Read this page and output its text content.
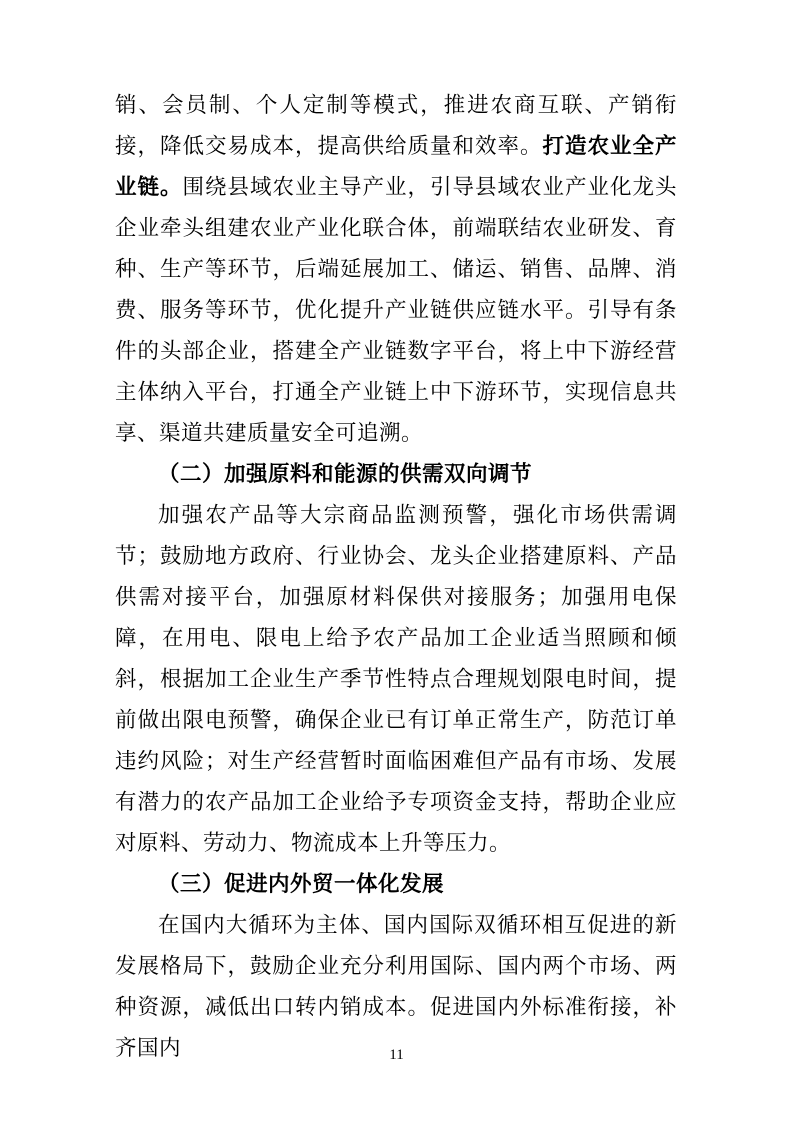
销、会员制、个人定制等模式，推进农商互联、产销衔接，降低交易成本，提高供给质量和效率。打造农业全产业链。围绕县域农业主导产业，引导县域农业产业化龙头企业牵头组建农业产业化联合体，前端联结农业研发、育种、生产等环节，后端延展加工、储运、销售、品牌、消费、服务等环节，优化提升产业链供应链水平。引导有条件的头部企业，搭建全产业链数字平台，将上中下游经营主体纳入平台，打通全产业链上中下游环节，实现信息共享、渠道共建质量安全可追溯。

（二）加强原料和能源的供需双向调节

加强农产品等大宗商品监测预警，强化市场供需调节；鼓励地方政府、行业协会、龙头企业搭建原料、产品供需对接平台，加强原材料保供对接服务；加强用电保障，在用电、限电上给予农产品加工企业适当照顾和倾斜，根据加工企业生产季节性特点合理规划限电时间，提前做出限电预警，确保企业已有订单正常生产，防范订单违约风险；对生产经营暂时面临困难但产品有市场、发展有潜力的农产品加工企业给予专项资金支持，帮助企业应对原料、劳动力、物流成本上升等压力。

（三）促进内外贸一体化发展

在国内大循环为主体、国内国际双循环相互促进的新发展格局下，鼓励企业充分利用国际、国内两个市场、两种资源，减低出口转内销成本。促进国内外标准衔接，补齐国内	11
